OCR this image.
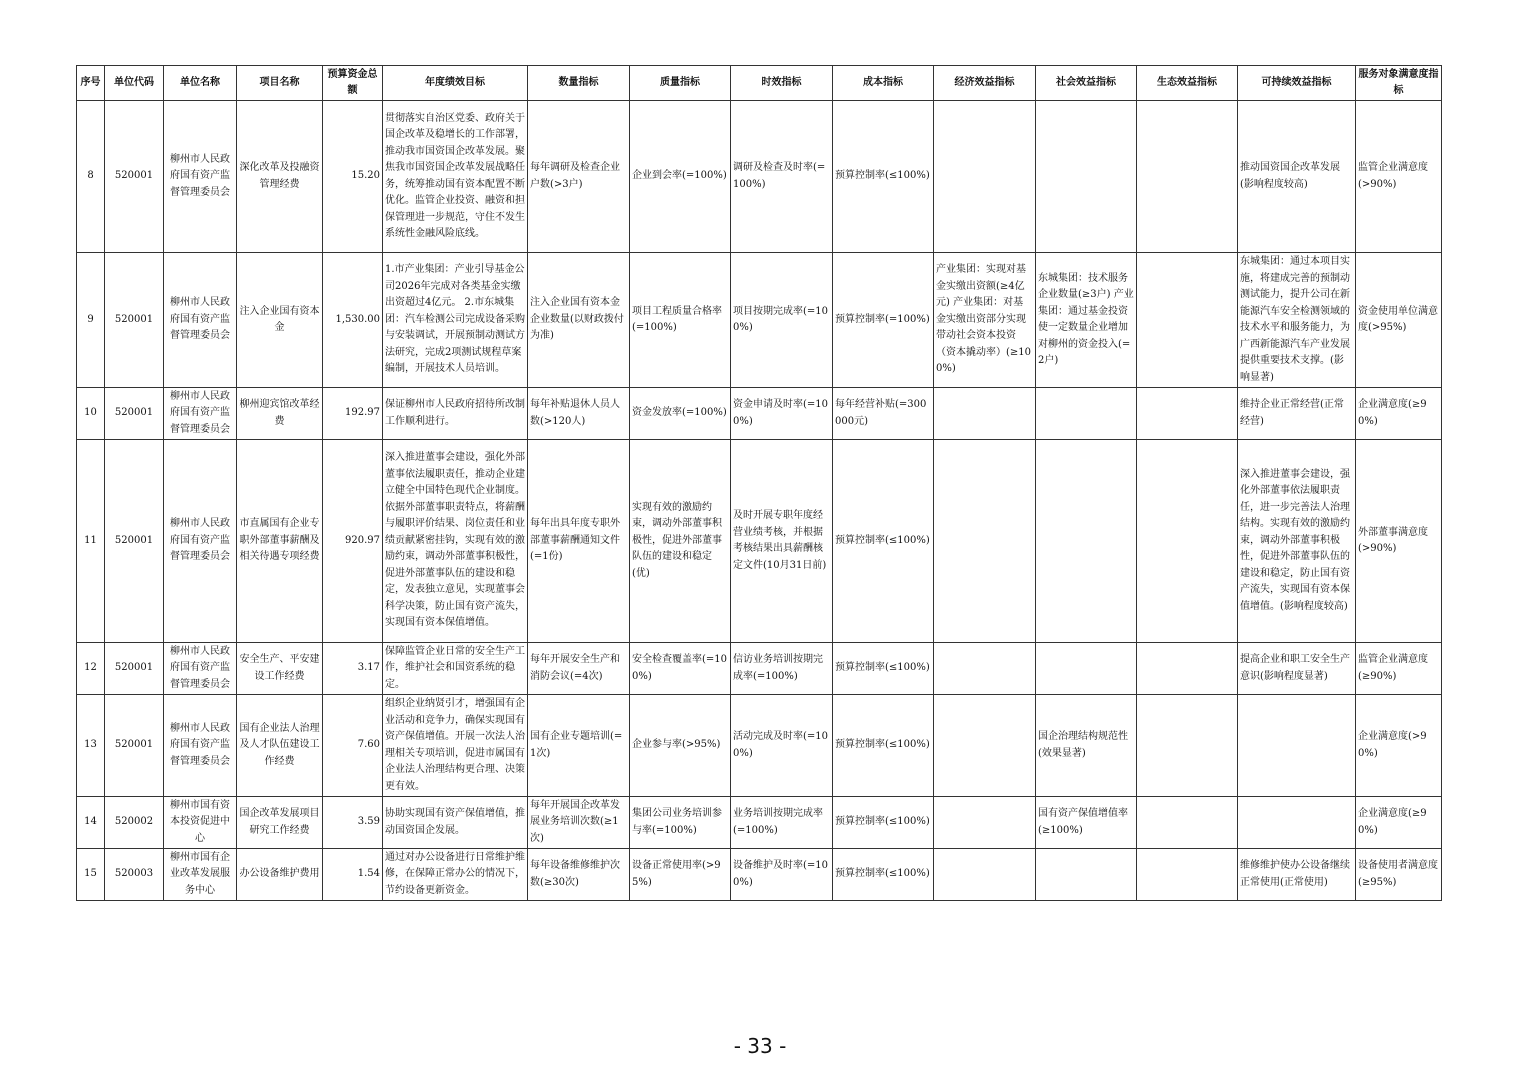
序号	单位代码	单位名称	项目名称	预算资金总额	年度绩效目标	数量指标	质量指标	时效指标	成本指标	经济效益指标	社会效益指标	生态效益指标	可持续效益指标	服务对象满意度指标
8	520001	柳州市人民政府国有资产监督管理委员会	深化改革及投融资管理经费	15.20	贯彻落实自治区党委、政府关于国企改革及稳增长的工作部署，推动我市国资国企改革发展。聚焦我市国资国企改革发展战略任务，统筹推动国有资本配置不断优化。监管企业投资、融资和担保管理进一步规范，守住不发生系统性金融风险底线。	每年调研及检查企业户数(>3户)	企业到会率(=100%)	调研及检查及时率(=100%)	预算控制率(≤100%)				推动国资国企改革发展(影响程度较高)	监管企业满意度(>90%)
9	520001	柳州市人民政府国有资产监督管理委员会	注入企业国有资本金	1,530.00	1.市产业集团：产业引导基金公司2026年完成对各类基金实缴出资超过4亿元。 2.市东城集团：汽车检测公司完成设备采购与安装调试，开展预制动测试方法研究，完成2项测试规程草案编制，开展技术人员培训。	注入企业国有资本金企业数量(以财政拨付为准)	项目工程质量合格率(=100%)	项目按期完成率(=100%)	预算控制率(=100%)	产业集团：实现对基金实缴出资额(≥4亿元) 产业集团：对基金实缴出资部分实现带动社会资本投资（资本撬动率）(≥100%)	东城集团：技术服务企业数量(≥3户) 产业集团：通过基金投资使一定数量企业增加对柳州的资金投入(=2户)		东城集团：通过本项目实施，将建成完善的预制动测试能力，提升公司在新能源汽车安全检测领域的技术水平和服务能力，为广西新能源汽车产业发展提供重要技术支撑。(影响显著)	资金使用单位满意度(>95%)
10	520001	柳州市人民政府国有资产监督管理委员会	柳州迎宾馆改革经费	192.97	保证柳州市人民政府招待所改制工作顺利进行。	每年补贴退休人员人数(>120人)	资金发放率(=100%)	资金申请及时率(=100%)	每年经营补贴(=300000元)				维持企业正常经营(正常经营)	企业满意度(≥90%)
11	520001	柳州市人民政府国有资产监督管理委员会	市直属国有企业专职外部董事薪酬及相关待遇专项经费	920.97	深入推进董事会建设，强化外部董事依法履职责任，推动企业建立健全中国特色现代企业制度。依据外部董事职责特点，将薪酬与履职评价结果、岗位责任和业绩贡献紧密挂钩，实现有效的激励约束，调动外部董事积极性，促进外部董事队伍的建设和稳定，发表独立意见，实现董事会科学决策，防止国有资产流失，实现国有资本保值增值。	每年出具年度专职外部董事薪酬通知文件(=1份)	实现有效的激励约束，调动外部董事积极性，促进外部董事队伍的建设和稳定(优)	及时开展专职年度经营业绩考核，并根据考核结果出具薪酬核定文件(10月31日前)	预算控制率(≤100%)				深入推进董事会建设，强化外部董事依法履职责任，进一步完善法人治理结构。实现有效的激励约束，调动外部董事积极性，促进外部董事队伍的建设和稳定，防止国有资产流失，实现国有资本保值增值。(影响程度较高)	外部董事满意度(>90%)
12	520001	柳州市人民政府国有资产监督管理委员会	安全生产、平安建设工作经费	3.17	保障监管企业日常的安全生产工作，维护社会和国资系统的稳定。	每年开展安全生产和消防会议(=4次)	安全检查覆盖率(=100%)	信访业务培训按期完成率(=100%)	预算控制率(≤100%)				提高企业和职工安全生产意识(影响程度显著)	监管企业满意度(≥90%)
13	520001	柳州市人民政府国有资产监督管理委员会	国有企业法人治理及人才队伍建设工作经费	7.60	组织企业纳贤引才，增强国有企业活动和竞争力，确保实现国有资产保值增值。开展一次法人治理相关专项培训，促进市属国有企业法人治理结构更合理、决策更有效。	国有企业专题培训(=1次)	企业参与率(>95%)	活动完成及时率(=100%)	预算控制率(≤100%)		国企治理结构规范性(效果显著)			企业满意度(>90%)
14	520002	柳州市国有资本投资促进中心	国企改革发展项目研究工作经费	3.59	协助实现国有资产保值增值，推动国资国企发展。	每年开展国企改革发展业务培训次数(≥1次)	集团公司业务培训参与率(=100%)	业务培训按期完成率(=100%)	预算控制率(≤100%)		国有资产保值增值率(≥100%)			企业满意度(≥90%)
15	520003	柳州市国有企业改革发展服务中心	办公设备维护费用	1.54	通过对办公设备进行日常维护维修，在保障正常办公的情况下，节约设备更新资金。	每年设备维修维护次数(≥30次)	设备正常使用率(>95%)	设备维护及时率(=100%)	预算控制率(≤100%)				维修维护使办公设备继续正常使用(正常使用)	设备使用者满意度(≥95%)
- 33 -
